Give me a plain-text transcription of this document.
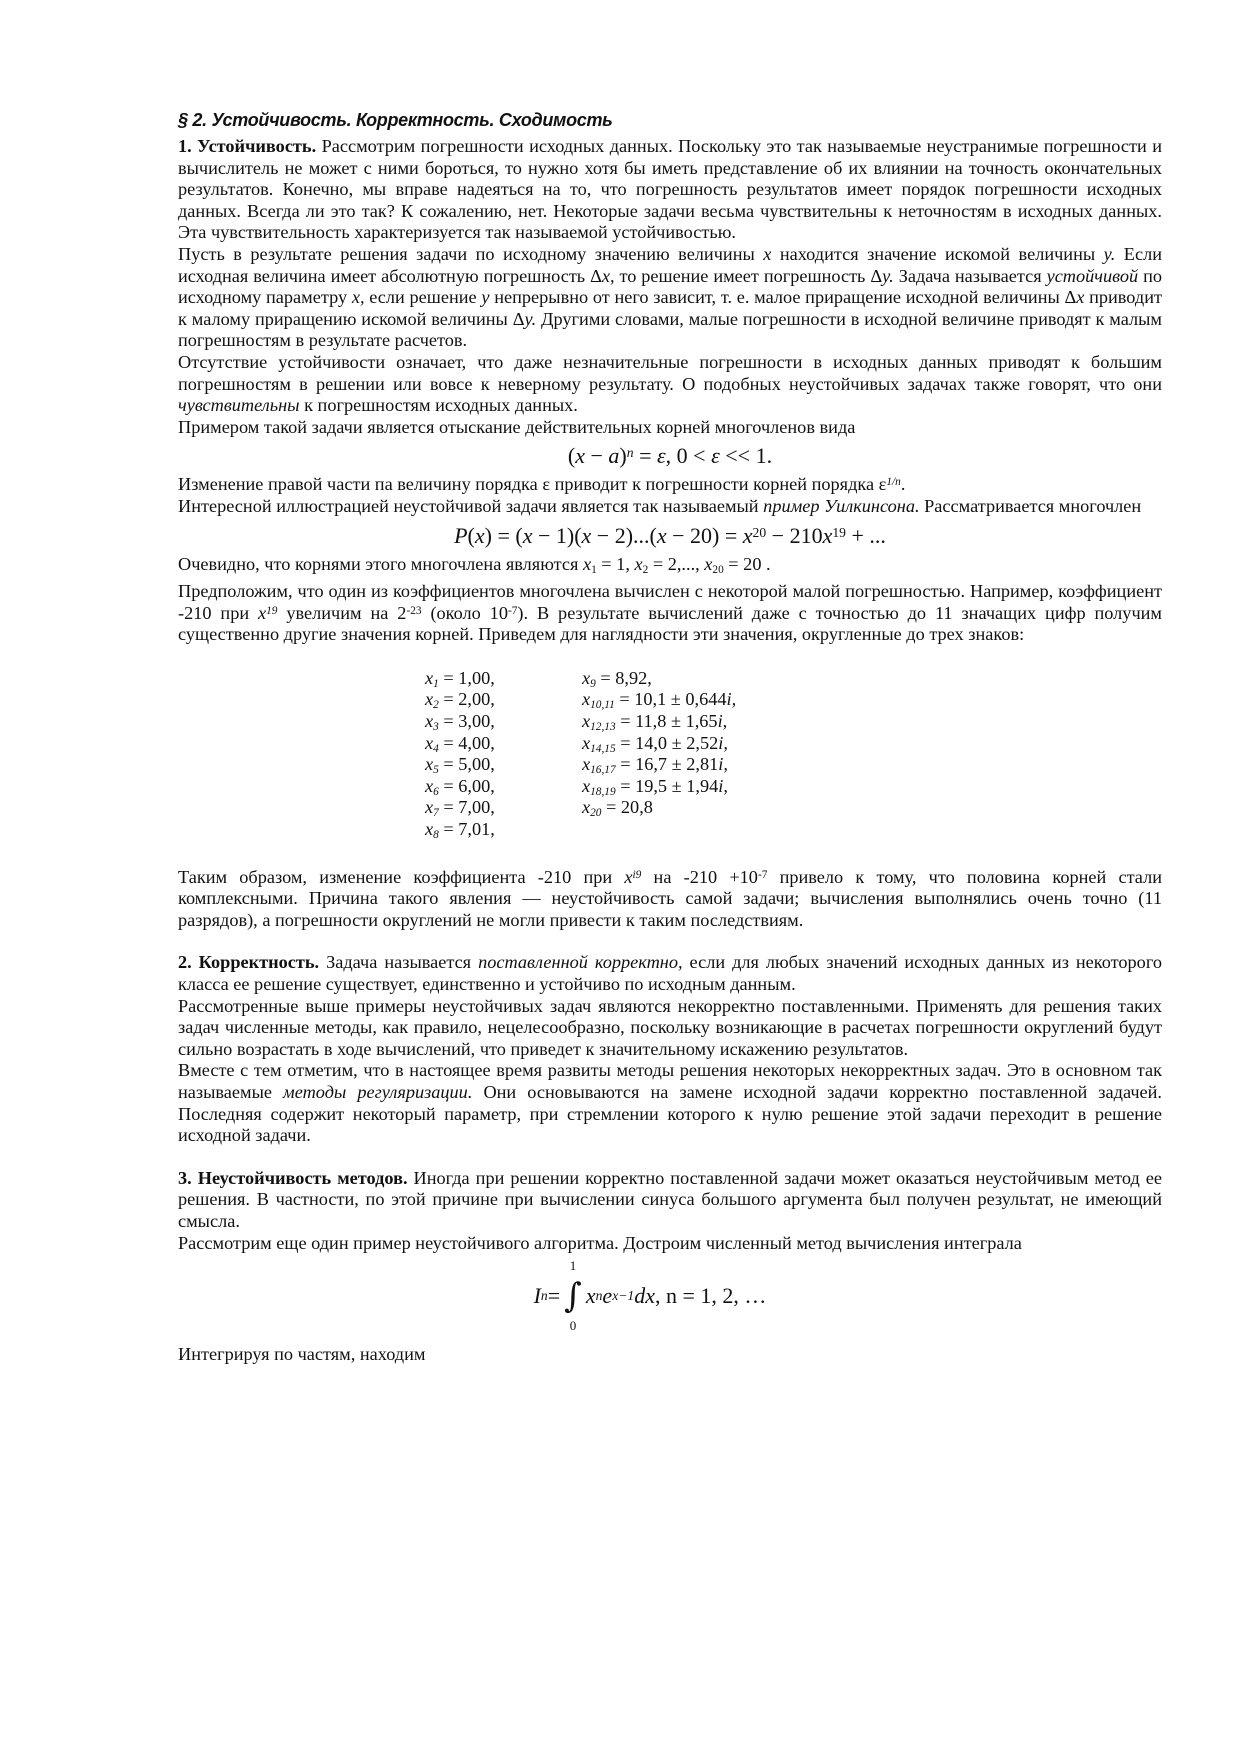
§ 2. Устойчивость. Корректность. Сходимость
1. Устойчивость. Рассмотрим погрешности исходных данных. Поскольку это так называемые неустранимые погрешности и вычислитель не может с ними бороться, то нужно хотя бы иметь представление об их влиянии на точность окончательных результатов. Конечно, мы вправе надеяться на то, что погрешность результатов имеет порядок погрешности исходных данных. Всегда ли это так? К сожалению, нет. Некоторые задачи весьма чувствительны к неточностям в исходных данных. Эта чувствительность характеризуется так называемой устойчивостью.
Пусть в результате решения задачи по исходному значению величины x находится значение искомой величины y. Если исходная величина имеет абсолютную погрешность Δx, то решение имеет погрешность Δy. Задача называется устойчивой по исходному параметру x, если решение y непрерывно от него зависит, т. е. малое приращение исходной величины Δx приводит к малому приращению искомой величины Δy. Другими словами, малые погрешности в исходной величине приводят к малым погрешностям в результате расчетов.
Отсутствие устойчивости означает, что даже незначительные погрешности в исходных данных приводят к большим погрешностям в решении или вовсе к неверному результату. О подобных неустойчивых задачах также говорят, что они чувствительны к погрешностям исходных данных.
Примером такой задачи является отыскание действительных корней многочленов вида
$(x - a)^n = \varepsilon$, 0 < ε << 1.
Изменение правой части па величину порядка ε приводит к погрешности корней порядка $\varepsilon^{1/n}$.
Интересной иллюстрацией неустойчивой задачи является так называемый пример Уилкинсона. Рассматривается многочлен
$P(x) = (x - 1)(x - 2)...(x - 20) = x^{20} - 210x^{19}$ + ...
Очевидно, что корнями этого многочлена являются $x_1 = 1$, $x_2 = 2$,..., $x_{20} = 20$ .
Предположим, что один из коэффициентов многочлена вычислен с некоторой малой погрешностью. Например, коэффициент -210 при $x^{19}$ увеличим на $2^{-23}$ (около $10^{-7}$). В результате вычислений даже с точностью до 11 значащих цифр получим существенно другие значения корней. Приведем для наглядности эти значения, округленные до трех знаков:
$x_1 = 1,00$,
$x_2 = 2,00$,
$x_3 = 3,00$,
$x_4 = 4,00$,
$x_5 = 5,00$,
$x_6 = 6,00$,
$x_7 = 7,00$,
$x_8 = 7,01$,
$x_9 = 8,92$,
$x_{10,11} = 10,1 \pm 0,644i$,
$x_{12,13} = 11,8 \pm 1,65i$,
$x_{14,15} = 14,0 \pm 2,52i$,
$x_{16,17} = 16,7 \pm 2,81i$,
$x_{18,19} = 19,5 \pm 1,94i$,
$x_{20} = 20,8$
Таким образом, изменение коэффициента -210 при $x^{i9}$ на $-210 +10^{-7}$ привело к тому, что половина корней стали комплексными. Причина такого явления — неустойчивость самой задачи; вычисления выполнялись очень точно (11 разрядов), а погрешности округлений не могли привести к таким последствиям.
2. Корректность. Задача называется поставленной корректно, если для любых значений исходных данных из некоторого класса ее решение существует, единственно и устойчиво по исходным данным.
Рассмотренные выше примеры неустойчивых задач являются некорректно поставленными. Применять для решения таких задач численные методы, как правило, нецелесообразно, поскольку возникающие в расчетах погрешности округлений будут сильно возрастать в ходе вычислений, что приведет к значительному искажению результатов.
Вместе с тем отметим, что в настоящее время развиты методы решения некоторых некорректных задач. Это в основном так называемые методы регуляризации. Они основываются на замене исходной задачи корректно поставленной задачей. Последняя содержит некоторый параметр, при стремлении которого к нулю решение этой задачи переходит в решение исходной задачи.
3. Неустойчивость методов. Иногда при решении корректно поставленной задачи может оказаться неустойчивым метод ее решения. В частности, по этой причине при вычислении синуса большого аргумента был получен результат, не имеющий смысла.
Рассмотрим еще один пример неустойчивого алгоритма. Достроим численный метод вычисления интеграла
I n =
1
∫
0
x n e x−1 dx , n = 1, 2, …
Интегрируя по частям, находим
